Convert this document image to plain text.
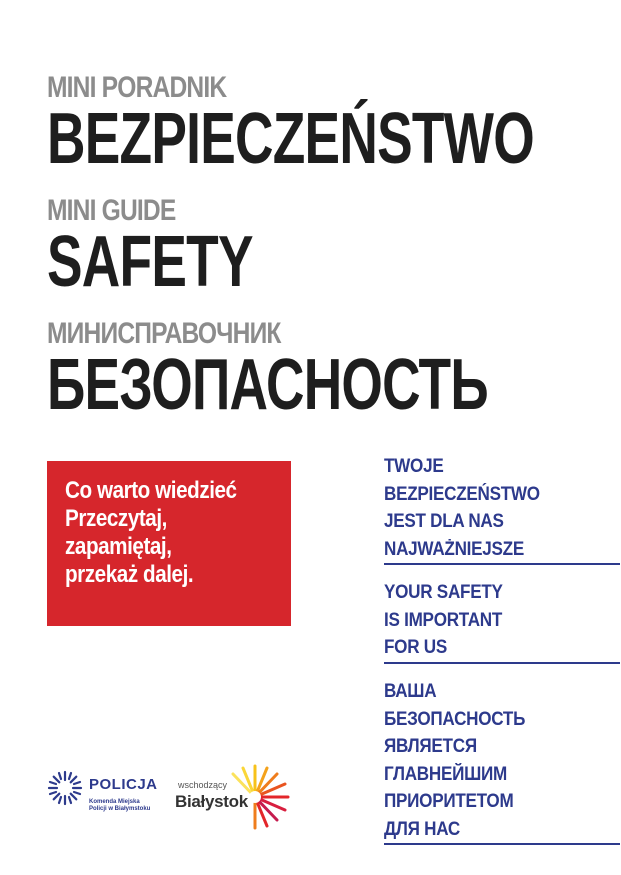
MINI PORADNIK
BEZPIECZEŃSTWO
MINI GUIDE
SAFETY
МИНИСПРАВОЧНИК
БЕЗОПАСНОСТЬ
Co warto wiedzieć
Przeczytaj,
zapamiętaj,
przekaż dalej.
TWOJE
BEZPIECZEŃSTWO
JEST DLA NAS
NAJWAŻNIEJSZE
YOUR SAFETY
IS IMPORTANT
FOR US
ВАША
БЕЗОПАСНОСТЬ
ЯВЛЯЕТСЯ
ГЛАВНЕЙШИМ
ПРИОРИТЕТОМ
ДЛЯ НАС
POLICJA
Komenda Miejska
Policji w Białymstoku
wschodzący
Białystok
